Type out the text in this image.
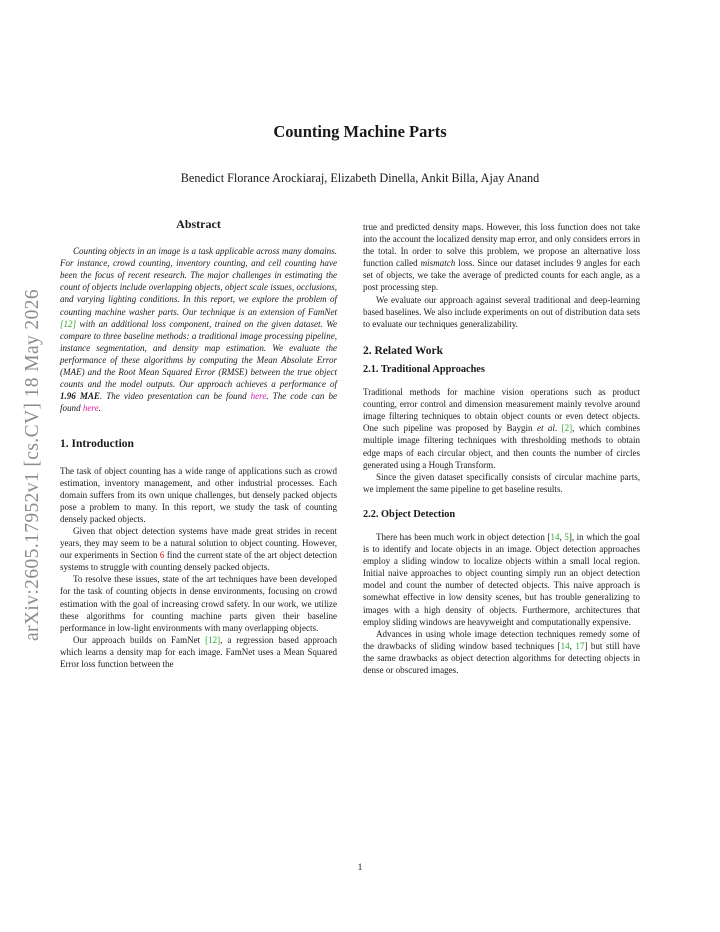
arXiv:2605.17952v1 [cs.CV] 18 May 2026
Counting Machine Parts
Benedict Florance Arockiaraj, Elizabeth Dinella, Ankit Billa, Ajay Anand
Abstract

Counting objects in an image is a task applicable across many domains. For instance, crowd counting, inventory counting, and cell counting have been the focus of recent research. The major challenges in estimating the count of objects include overlapping objects, object scale issues, occlusions, and varying lighting conditions. In this report, we explore the problem of counting machine washer parts. Our technique is an extension of FamNet [12] with an additional loss component, trained on the given dataset. We compare to three baseline methods: a traditional image processing pipeline, instance segmentation, and density map estimation. We evaluate the performance of these algorithms by computing the Mean Absolute Error (MAE) and the Root Mean Squared Error (RMSE) between the true object counts and the model outputs. Our approach achieves a performance of 1.96 MAE. The video presentation can be found here. The code can be found here.

1. Introduction

The task of object counting has a wide range of applications such as crowd estimation, inventory management, and other industrial processes. Each domain suffers from its own unique challenges, but densely packed objects pose a problem to many. In this report, we study the task of counting densely packed objects.

Given that object detection systems have made great strides in recent years, they may seem to be a natural solution to object counting. However, our experiments in Section 6 find the current state of the art object detection systems to struggle with counting densely packed objects.

To resolve these issues, state of the art techniques have been developed for the task of counting objects in dense environments, focusing on crowd estimation with the goal of increasing crowd safety. In our work, we utilize these algorithms for counting machine parts given their baseline performance in low-light environments with many overlapping objects.

Our approach builds on FamNet [12], a regression based approach which learns a density map for each image. FamNet uses a Mean Squared Error loss function between the

true and predicted density maps. However, this loss function does not take into the account the localized density map error, and only considers errors in the total. In order to solve this problem, we propose an alternative loss function called mismatch loss. Since our dataset includes 9 angles for each set of objects, we take the average of predicted counts for each angle, as a post processing step.

We evaluate our approach against several traditional and deep-learning based baselines. We also include experiments on out of distribution data sets to evaluate our techniques generalizability.

2. Related Work
2.1. Traditional Approaches

Traditional methods for machine vision operations such as product counting, error control and dimension measurement mainly revolve around image filtering techniques to obtain object counts or even detect objects. One such pipeline was proposed by Baygin et al. [2], which combines multiple image filtering techniques with thresholding methods to obtain edge maps of each circular object, and then counts the number of circles generated using a Hough Transform.

Since the given dataset specifically consists of circular machine parts, we implement the same pipeline to get baseline results.

2.2. Object Detection

There has been much work in object detection [14, 5], in which the goal is to identify and locate objects in an image. Object detection approaches employ a sliding window to localize objects within a small local region. Initial naive approaches to object counting simply run an object detection model and count the number of detected objects. This naive approach is somewhat effective in low density scenes, but has trouble generalizing to images with a high density of objects. Furthermore, architectures that employ sliding windows are heavyweight and computationally expensive.

Advances in using whole image detection techniques remedy some of the drawbacks of sliding window based techniques [14, 17] but still have the same drawbacks as object detection algorithms for detecting objects in dense or obscured images.

1
